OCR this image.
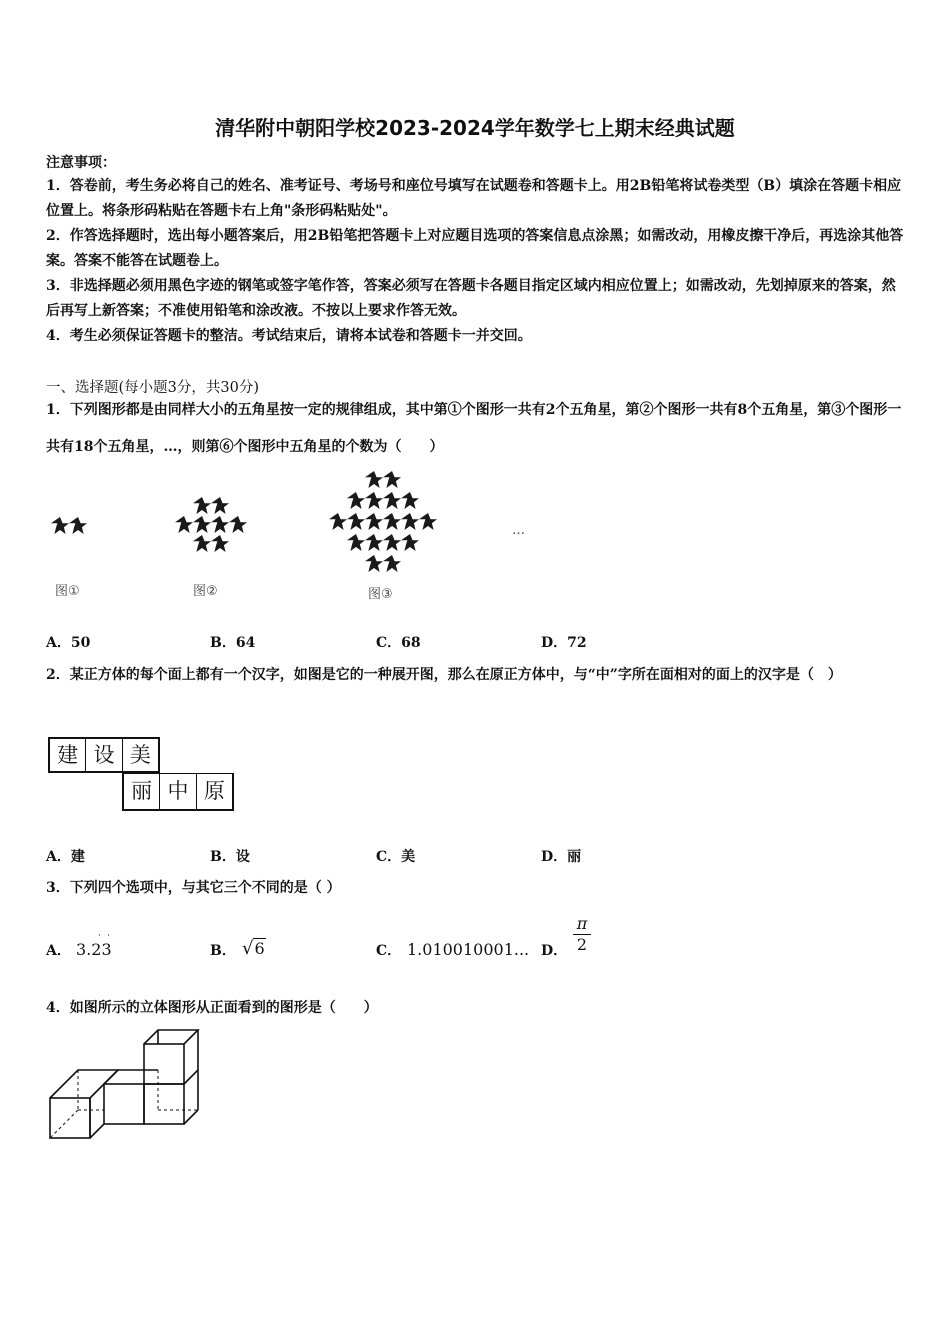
清华附中朝阳学校2023-2024学年数学七上期末经典试题
注意事项：
1．答卷前，考生务必将自己的姓名、准考证号、考场号和座位号填写在试题卷和答题卡上。用2B铅笔将试卷类型（B）填涂在答题卡相应位置上。将条形码粘贴在答题卡右上角"条形码粘贴处"。
2．作答选择题时，选出每小题答案后，用2B铅笔把答题卡上对应题目选项的答案信息点涂黑；如需改动，用橡皮擦干净后，再选涂其他答案。答案不能答在试题卷上。
3．非选择题必须用黑色字迹的钢笔或签字笔作答，答案必须写在答题卡各题目指定区域内相应位置上；如需改动，先划掉原来的答案，然后再写上新答案；不准使用铅笔和涂改液。不按以上要求作答无效。
4．考生必须保证答题卡的整洁。考试结束后，请将本试卷和答题卡一并交回。
一、选择题(每小题3分，共30分)
1．下列图形都是由同样大小的五角星按一定的规律组成，其中第①个图形一共有2个五角星，第②个图形一共有8个五角星，第③个图形一共有18个五角星，…，则第⑥个图形中五角星的个数为（　　）
图①	图②	图③
…
A．50	B．64	C．68	D．72
2．某正方体的每个面上都有一个汉字，如图是它的一种展开图，那么在原正方体中，与“中”字所在面相对的面上的汉字是（　）
建 设 美
丽 中 原
A．建	B．设	C．美	D．丽
3．下列四个选项中，与其它三个不同的是（ ）
A． 3.23
· ·
B． √6	C． 1.010010001... D．
π
2
4．如图所示的立体图形从正面看到的图形是（　　）
